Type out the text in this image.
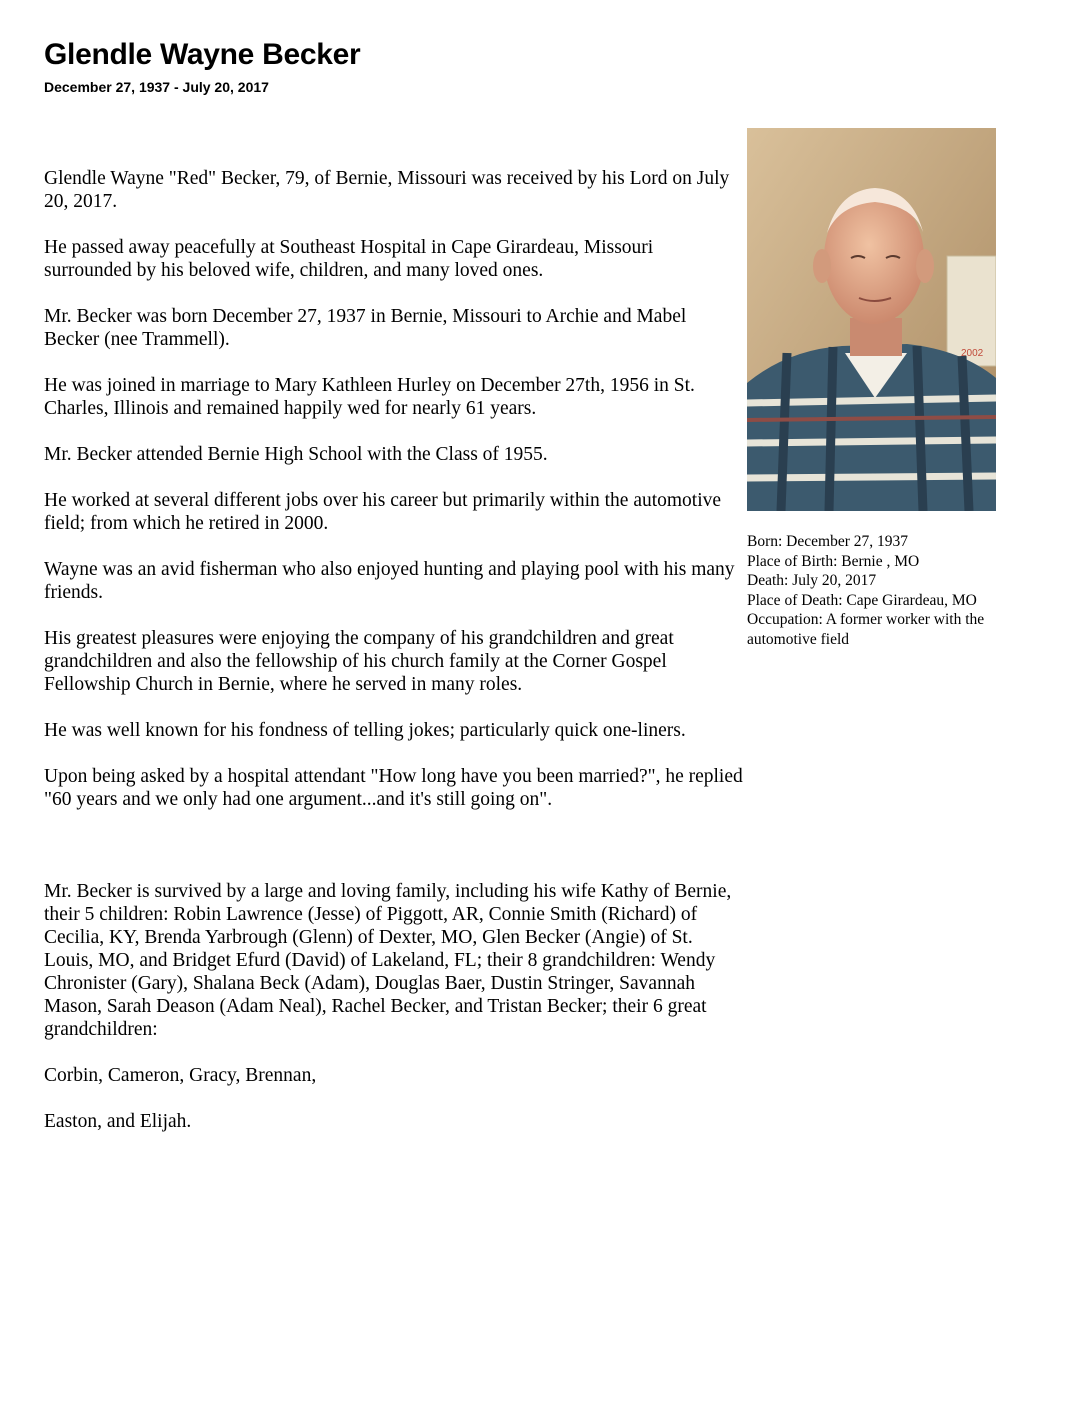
Glendle Wayne Becker
December 27, 1937 - July 20, 2017

Glendle Wayne "Red" Becker, 79, of Bernie, Missouri was received by his Lord on July 20, 2017.

He passed away peacefully at Southeast Hospital in Cape Girardeau, Missouri surrounded by his beloved wife, children, and many loved ones.

Mr. Becker was born December 27, 1937 in Bernie, Missouri to Archie and Mabel Becker (nee Trammell).

He was joined in marriage to Mary Kathleen Hurley on December 27th, 1956 in St. Charles, Illinois and remained happily wed for nearly 61 years.

Mr. Becker attended Bernie High School with the Class of 1955.

He worked at several different jobs over his career but primarily within the automotive field; from which he retired in 2000.

Wayne was an avid fisherman who also enjoyed hunting and playing pool with his many friends.

His greatest pleasures were enjoying the company of his grandchildren and great grandchildren and also the fellowship of his church family at the Corner Gospel Fellowship Church in Bernie, where he served in many roles.

He was well known for his fondness of telling jokes; particularly quick one-liners.

Upon being asked by a hospital attendant "How long have you been married?", he replied "60 years and we only had one argument...and it's still going on".

Mr. Becker is survived by a large and loving family, including his wife Kathy of Bernie, their 5 children: Robin Lawrence (Jesse) of Piggott, AR, Connie Smith (Richard) of Cecilia, KY, Brenda Yarbrough (Glenn) of Dexter, MO, Glen Becker (Angie) of St. Louis, MO, and Bridget Efurd (David) of Lakeland, FL; their 8 grandchildren: Wendy Chronister (Gary), Shalana Beck (Adam), Douglas Baer, Dustin Stringer, Savannah Mason, Sarah Deason (Adam Neal), Rachel Becker, and Tristan Becker; their 6 great grandchildren:

Corbin, Cameron, Gracy, Brennan,

Easton, and Elijah.

2002
Born: December 27, 1937
Place of Birth: Bernie , MO
Death: July 20, 2017
Place of Death: Cape Girardeau, MO
Occupation: A former worker with the automotive field
